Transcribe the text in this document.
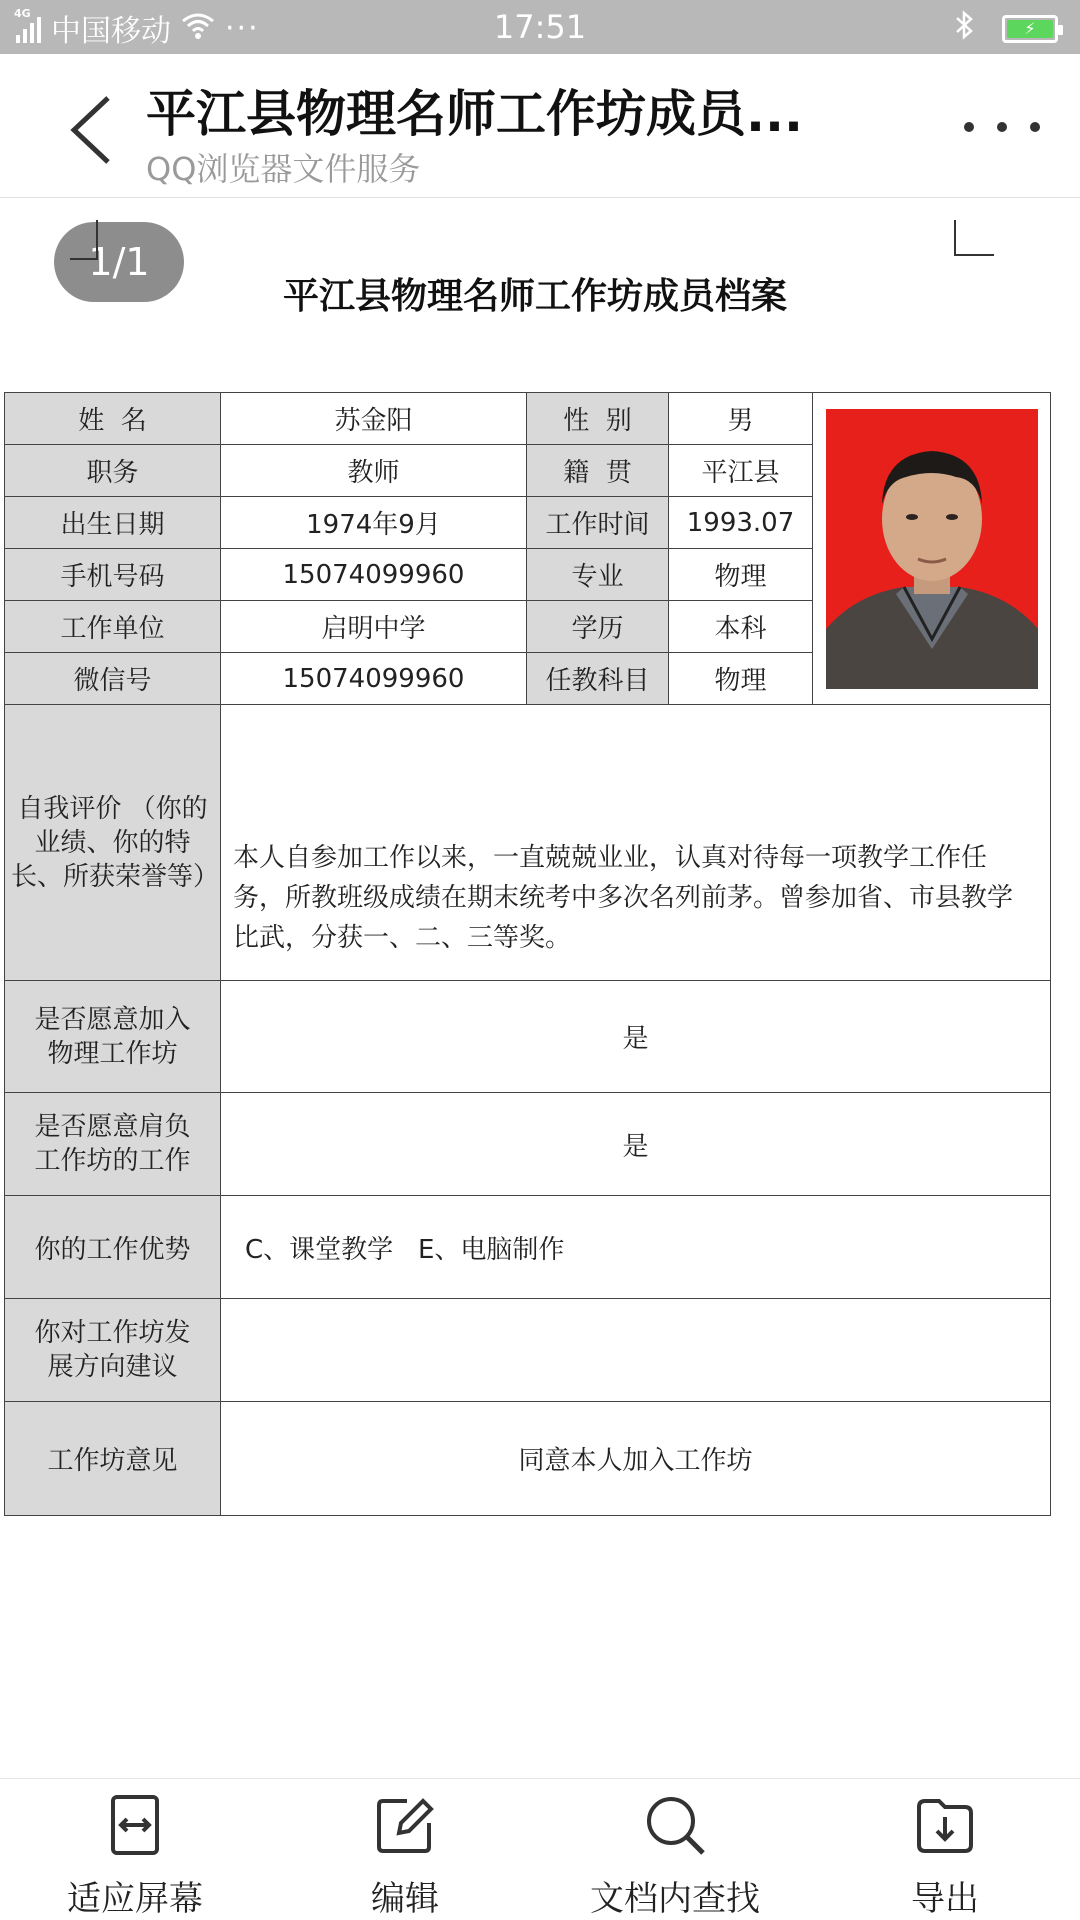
4G
中国移动 ···	17:51	⚡
平江县物理名师工作坊成员...
QQ浏览器文件服务
1/1
平江县物理名师工作坊成员档案
姓  名	苏金阳	性  别	男	

职务	教师	籍  贯	平江县	
出生日期	1974年9月	工作时间	1993.07	
手机号码	15074099960	专业	物理	
工作单位	启明中学	学历	本科	
微信号	15074099960	任教科目	物理	

自我评价 （你的业绩、你的特长、所获荣誉等）	本人自参加工作以来，一直兢兢业业，认真对待每一项教学工作任务，所教班级成绩在期末统考中多次名列前茅。曾参加省、市县教学比武，分获一、二、三等奖。			

是否愿意加入物理工作坊	是			

是否愿意肩负工作坊的工作	是			
你的工作优势	C、课堂教学   E、电脑制作			

你对工作坊发展方向建议				

工作坊意见	同意本人加入工作坊			
适应屏幕	编辑	文档内查找	导出
